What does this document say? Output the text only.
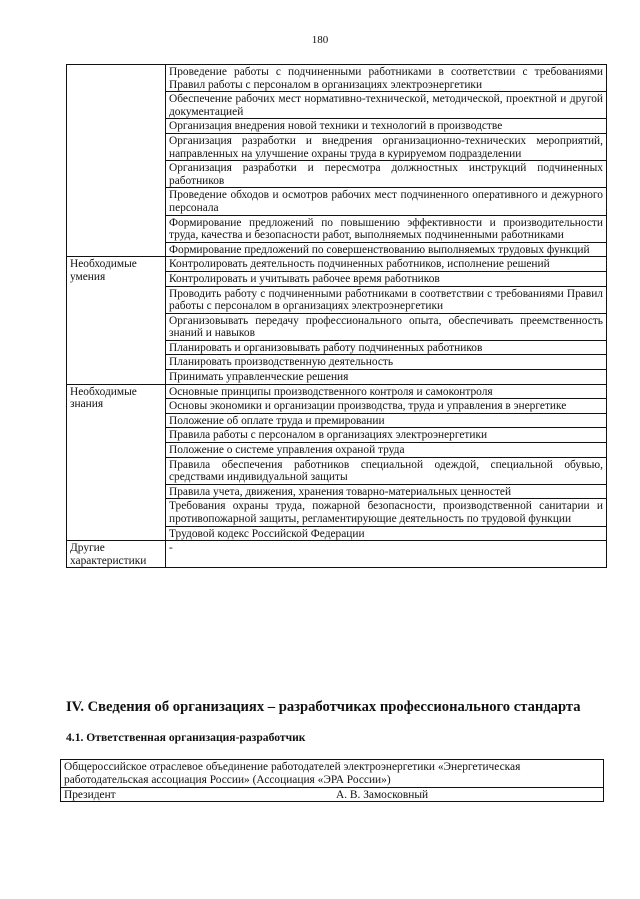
180
	Проведение работы с подчиненными работниками в соответствии с требованиями Правил работы с персоналом в организациях электроэнергетики
	Обеспечение рабочих мест нормативно-технической, методической, проектной и другой документацией
	Организация внедрения новой техники и технологий в производстве
	Организация разработки и внедрения организационно-технических мероприятий, направленных на улучшение охраны труда в курируемом подразделении
	Организация разработки и пересмотра должностных инструкций подчиненных работников
	Проведение обходов и осмотров рабочих мест подчиненного оперативного и дежурного персонала
	Формирование предложений по повышению эффективности и производительности труда, качества и безопасности работ, выполняемых подчиненными работниками
	Формирование предложений по совершенствованию выполняемых трудовых функций
Необходимые умения	Контролировать деятельность подчиненных работников, исполнение решений
	Контролировать и учитывать рабочее время работников
	Проводить работу с подчиненными работниками в соответствии с требованиями Правил работы с персоналом в организациях электроэнергетики
	Организовывать передачу профессионального опыта, обеспечивать преемственность знаний и навыков
	Планировать и организовывать работу подчиненных работников
	Планировать производственную деятельность
	Принимать управленческие решения
Необходимые знания	Основные принципы производственного контроля и самоконтроля
	Основы экономики и организации производства, труда и управления в энергетике
	Положение об оплате труда и премировании
	Правила работы с персоналом в организациях электроэнергетики
	Положение о системе управления охраной труда
	Правила обеспечения работников специальной одеждой, специальной обувью, средствами индивидуальной защиты
	Правила учета, движения, хранения товарно-материальных ценностей
	Требования охраны труда, пожарной безопасности, производственной санитарии и противопожарной защиты, регламентирующие деятельность по трудовой функции
	Трудовой кодекс Российской Федерации
Другие характеристики	-
IV. Сведения об организациях – разработчиках профессионального стандарта
4.1. Ответственная организация-разработчик
Общероссийское отраслевое объединение работодателей электроэнергетики «Энергетическая работодательская ассоциация России» (Ассоциация «ЭРА России»)

Президент	А. В. Замосковный
